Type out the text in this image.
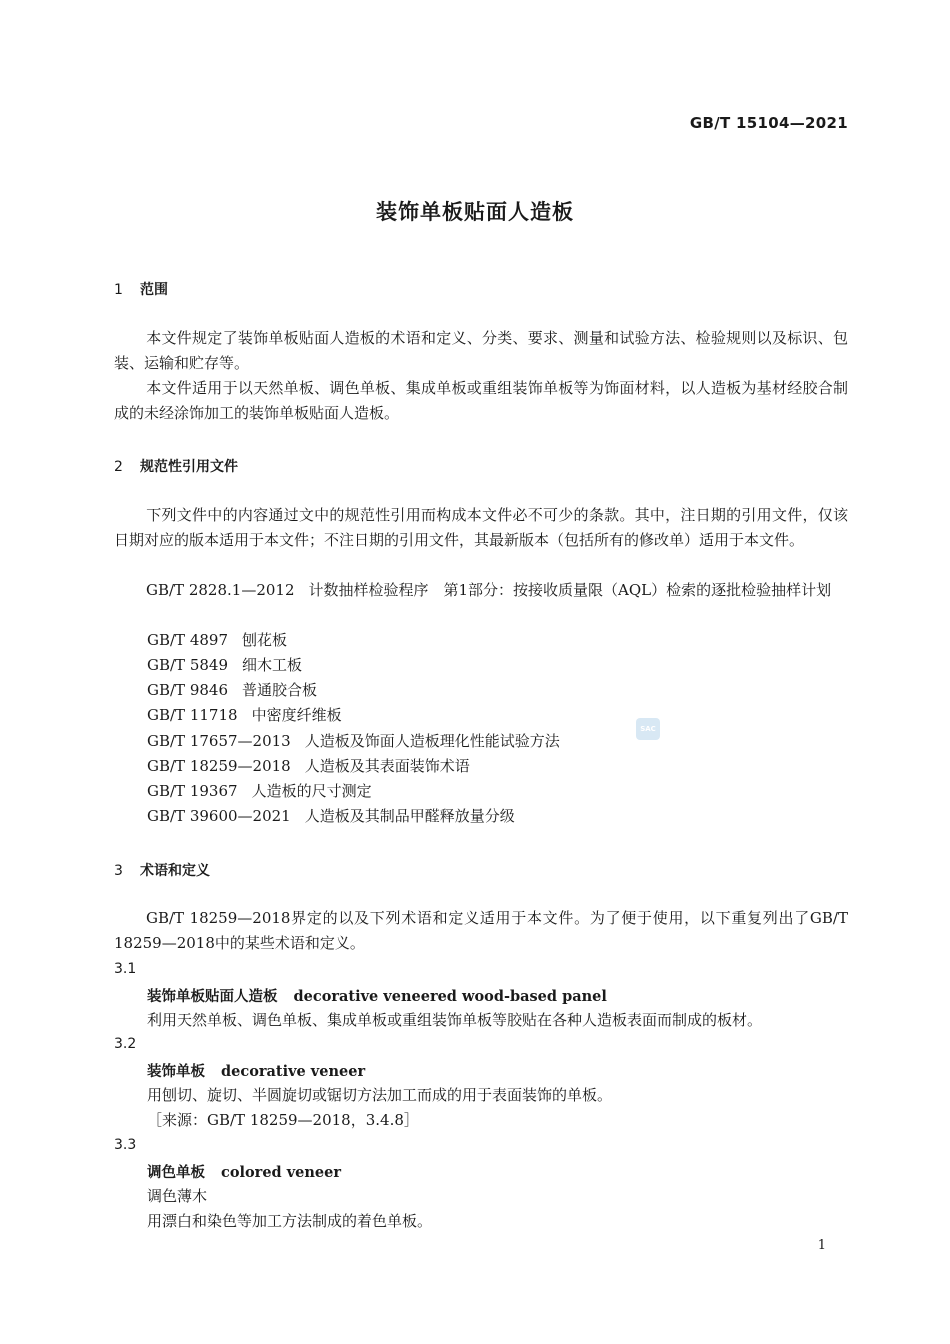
GB/T 15104—2021
装饰单板贴面人造板
1 范围
本文件规定了装饰单板贴面人造板的术语和定义、分类、要求、测量和试验方法、检验规则以及标识、包装、运输和贮存等。
本文件适用于以天然单板、调色单板、集成单板或重组装饰单板等为饰面材料，以人造板为基材经胶合制成的未经涂饰加工的装饰单板贴面人造板。
2 规范性引用文件
下列文件中的内容通过文中的规范性引用而构成本文件必不可少的条款。其中，注日期的引用文件，仅该日期对应的版本适用于本文件；不注日期的引用文件，其最新版本（包括所有的修改单）适用于本文件。
GB/T 2828.1—2012 计数抽样检验程序　第1部分：按接收质量限（AQL）检索的逐批检验抽样计划
GB/T 4897 刨花板
GB/T 5849 细木工板
GB/T 9846 普通胶合板
GB/T 11718 中密度纤维板
GB/T 17657—2013 人造板及饰面人造板理化性能试验方法
GB/T 18259—2018 人造板及其表面装饰术语
GB/T 19367 人造板的尺寸测定
GB/T 39600—2021 人造板及其制品甲醛释放量分级
SAC
3 术语和定义
GB/T 18259—2018界定的以及下列术语和定义适用于本文件。为了便于使用，以下重复列出了GB/T 18259—2018中的某些术语和定义。
3.1
装饰单板贴面人造板 decorative veneered wood-based panel
利用天然单板、调色单板、集成单板或重组装饰单板等胶贴在各种人造板表面而制成的板材。
3.2
装饰单板 decorative veneer
用刨切、旋切、半圆旋切或锯切方法加工而成的用于表面装饰的单板。
［来源：GB/T 18259—2018，3.4.8］
3.3
调色单板 colored veneer
调色薄木
用漂白和染色等加工方法制成的着色单板。
1
